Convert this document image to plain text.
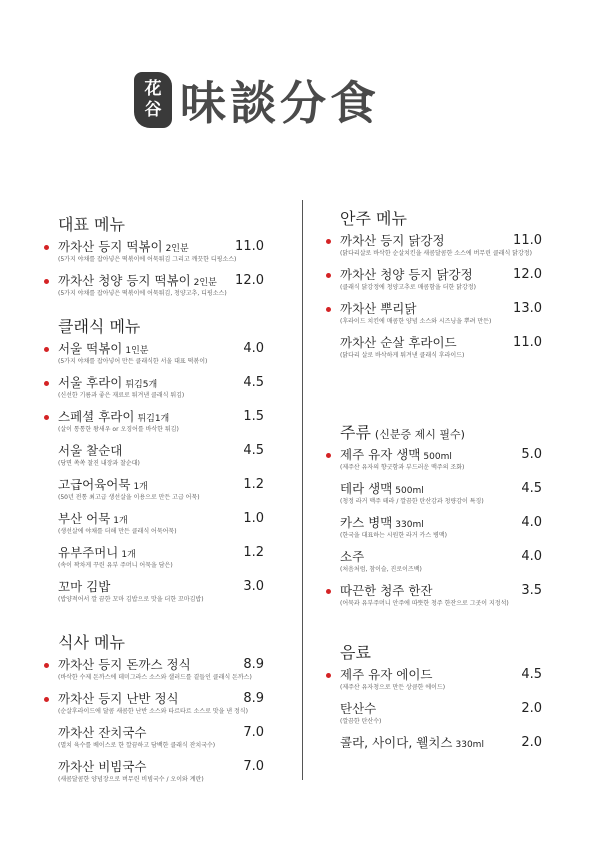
花
谷 味談分食
대표 메뉴
까차산 등지 떡볶이 2인분	11.0
(5가지 야채를 잡아넣은 떡볶이에 어묵튀김 그리고 깨끗한 디핑소스)
까차산 청양 등지 떡볶이 2인분 12.0
(5가지 야채를 잡아넣은 떡볶이에 어묵튀김, 청양고추, 디핑소스)
클래식 메뉴
서울 떡볶이 1인분	4.0
(5가지 야채를 잡아넣어 만든 클래식한 서울 대표 떡볶이)
서울 후라이 튀김5개	4.5
(신선한 기름과 좋은 재료로 튀겨낸 클래식 튀김)
스페셜 후라이 튀김1개	1.5
(살이 통통한 왕새우 or 오징어를 바삭한 튀김)
서울 찰순대	4.5
(당면 쏙쏙 찰진 내장과 찰순대)
고급어육어묵 1개	1.2
(50년 전통 최고급 생선살을 이용으로 만든 고급 어묵)
부산 어묵 1개	1.0
(생선살에 야채를 더해 만든 클래식 어묵어묵)
유부주머니 1개	1.2
(속이 꽉차게 꾸린 유부 주머니 어묵을 담은)
꼬마 김밥	3.0
(밥양적어서 깔 끔한 꼬마 김밥으로 맛을 더한 꼬마김밥)
식사 메뉴
까차산 등지 돈까스 정식	8.9
(바삭한 수제 돈까스에 데미그라스 소스와 샐러드를 곁들인 클래식 돈까스)
까차산 등지 난반 정식	8.9
(순살후라이드에 달콤 새콤한 난반 소스와 타르타르 소스로 맛을 낸 정식)
까차산 잔치국수	7.0
(멸치 육수를 베이스로 한 깔끔하고 담백한 클래식 잔치국수)
까차산 비빔국수	7.0
(새콤달콤한 양념장으로 버무린 비빔국수 / 오이와 계란)
안주 메뉴
까차산 등지 닭강정	11.0
(닭다리살로 바삭한 순살치킨을 새콤달콤한 소스에 버무린 클래식 닭강정)
까차산 청양 등지 닭강정	12.0
(클래식 닭강정에 청양고추로 매콤함을 더한 닭강정)
까차산 뿌리닭	13.0
(후라이드 치킨에 매콤한 양념 소스와 시즈닝을 뿌려 만든)
까차산 순살 후라이드	11.0
(닭다리 살로 바삭하게 튀겨낸 클래식 후라이드)
주류 (신분증 제시 필수)
제주 유자 생맥 500ml	5.0
(제주산 유자의 향긋함과 부드러운 맥주의 조화)
테라 생맥 500ml	4.5
(청정 라거 맥주 테라 / 깔끔한 탄산감과 청량감이 특징)
카스 병맥 330ml	4.0
(한국을 대표하는 시원한 라거 카스 병맥)
소주	4.0
(처음처럼, 참이슬, 진로이즈백)
따끈한 청주 한잔	3.5
(어묵과 유부주머니 안주에 따뜻한 청주 한잔으로 그곳이 지정석)
음료
제주 유자 에이드	4.5
(제주산 유자청으로 만든 상큼한 에이드)
탄산수	2.0
(깔끔한 탄산수)
콜라, 사이다, 웰치스 330ml	2.0
